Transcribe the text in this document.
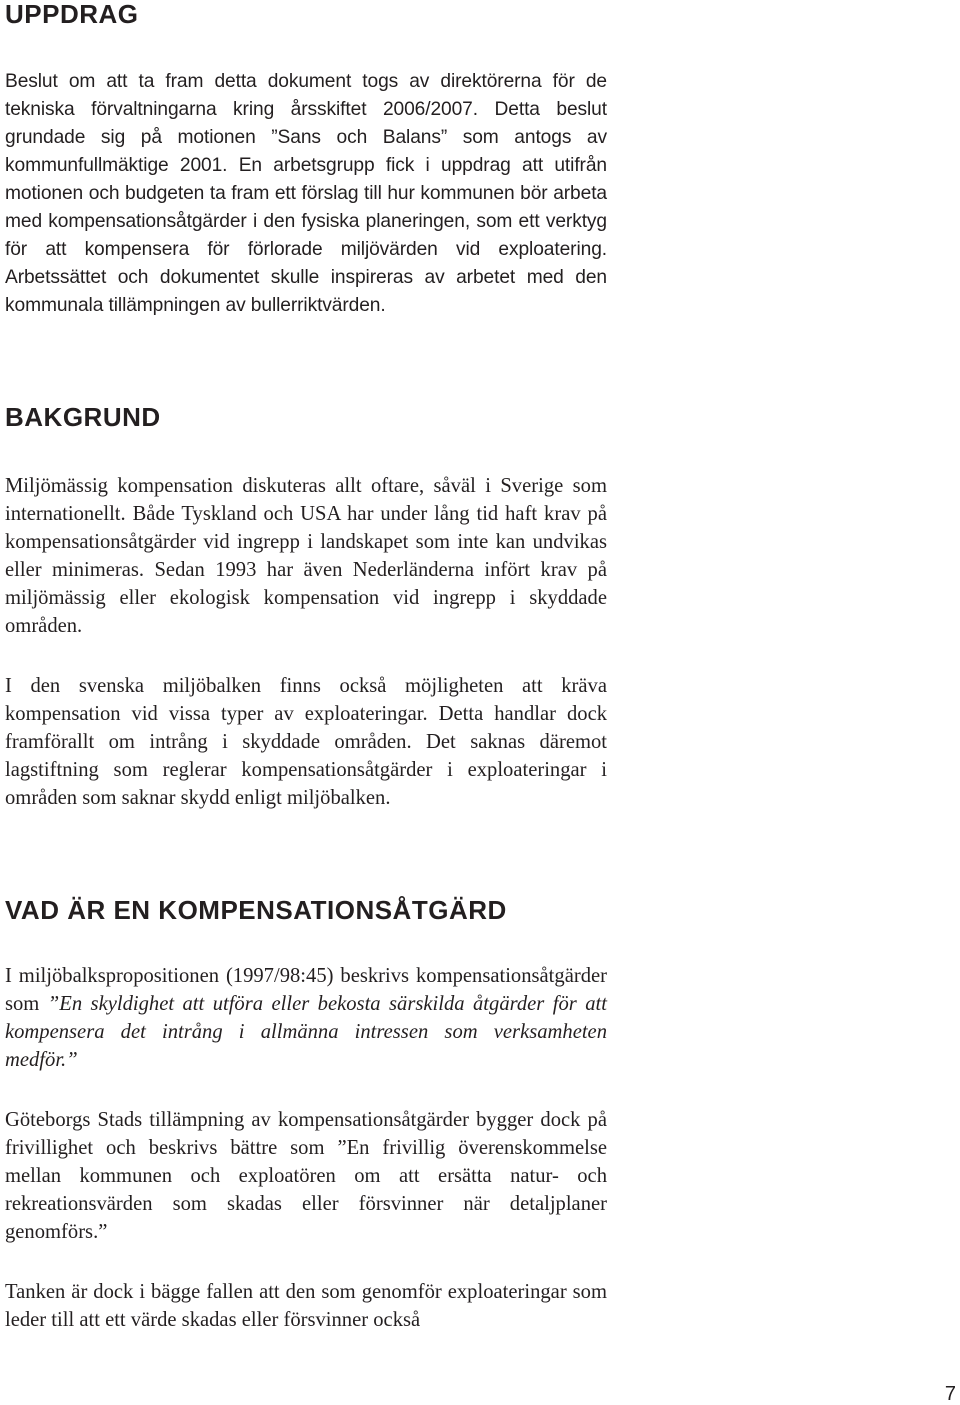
UPPDRAG

Beslut om att ta fram detta dokument togs av direktörerna för de tekniska förvaltningarna kring årsskiftet 2006/2007. Detta beslut grundade sig på motionen ”Sans och Balans” som antogs av kommunfullmäktige 2001. En arbetsgrupp fick i uppdrag att utifrån motionen och budgeten ta fram ett förslag till hur kommunen bör arbeta med kompensationsåtgärder i den fysiska planeringen, som ett verktyg för att kompensera för förlorade miljövärden vid exploatering. Arbetssättet och dokumentet skulle inspireras av arbetet med den kommunala tillämpningen av bullerriktvärden.

BAKGRUND

Miljömässig kompensation diskuteras allt oftare, såväl i Sverige som internationellt. Både Tyskland och USA har under lång tid haft krav på kompensationsåtgärder vid ingrepp i landskapet som inte kan undvikas eller minimeras. Sedan 1993 har även Nederländerna infört krav på miljömässig eller ekologisk kompensation vid ingrepp i skyddade områden.

I den svenska miljöbalken finns också möjligheten att kräva kompensation vid vissa typer av exploateringar. Detta handlar dock framförallt om intrång i skyddade områden. Det saknas däremot lagstiftning som reglerar kompensationsåtgärder i exploateringar i områden som saknar skydd enligt miljöbalken.

VAD ÄR EN KOMPENSATIONSÅTGÄRD

I miljöbalkspropositionen (1997/98:45) beskrivs kompensationsåtgärder som ”En skyldighet att utföra eller bekosta särskilda åtgärder för att kompensera det intrång i allmänna intressen som verksamheten medför.”

Göteborgs Stads tillämpning av kompensationsåtgärder bygger dock på frivillighet och beskrivs bättre som ”En frivillig överenskommelse mellan kommunen och exploatören om att ersätta natur- och rekreationsvärden som skadas eller försvinner när detaljplaner genomförs.”

Tanken är dock i bägge fallen att den som genomför exploateringar som leder till att ett värde skadas eller försvinner också

7
